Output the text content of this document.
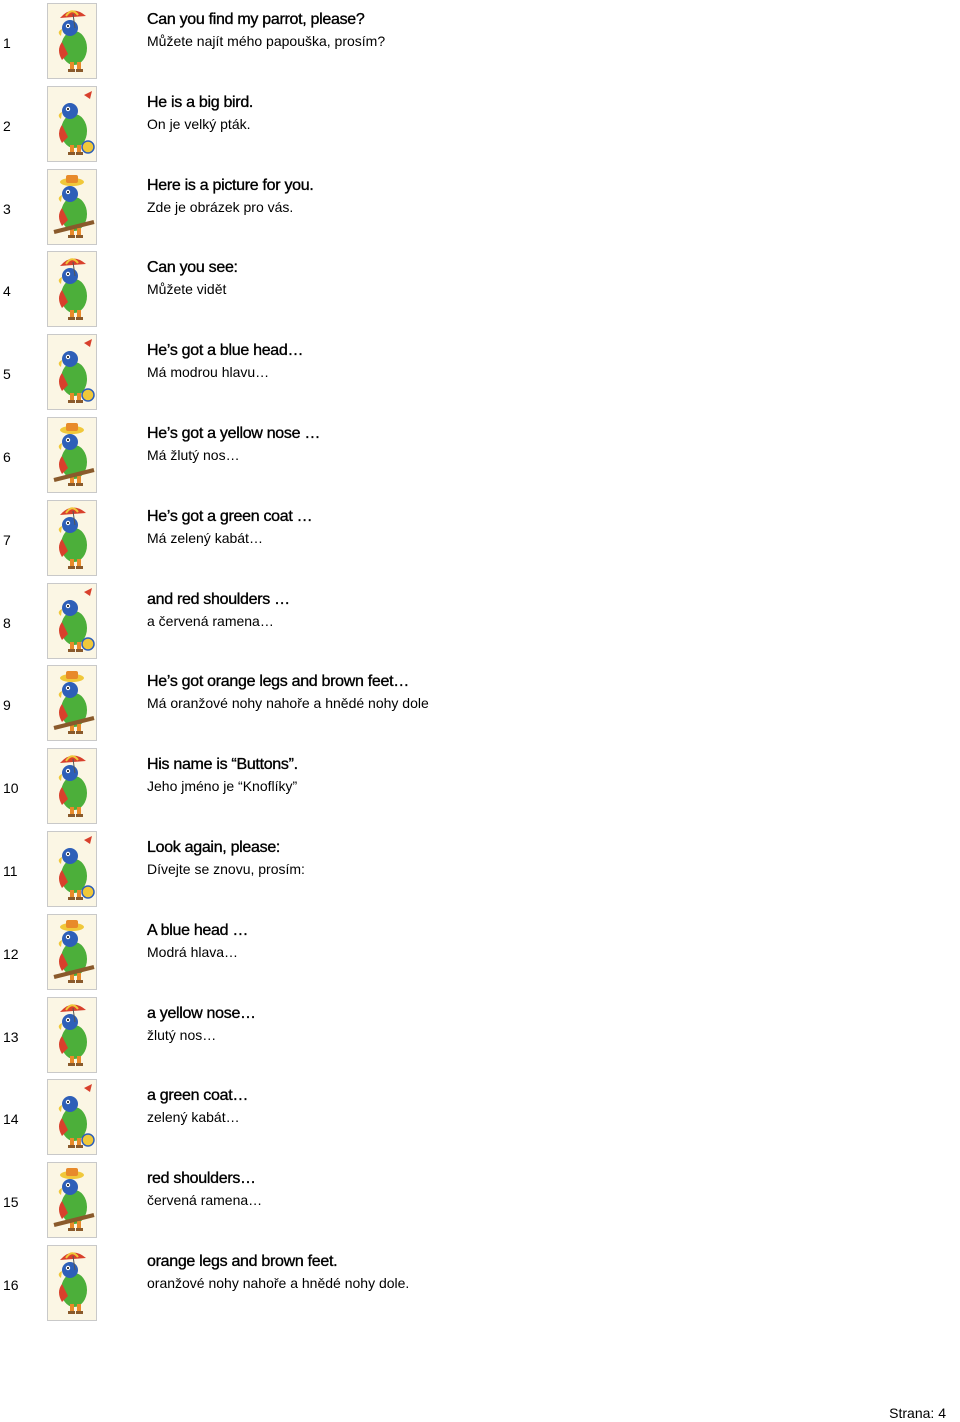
1
Can you find my parrot, please?
Můžete najít mého papouška, prosím?
2
He is a big bird.
On je velký pták.
3
Here is a picture for you.
Zde je obrázek pro vás.
4
Can you see:
Můžete vidět
5
He’s got a blue head…
Má modrou hlavu…
6
He’s got a yellow nose …
Má žlutý nos…
7
He’s got a green coat …
Má zelený kabát…
8
and red shoulders …
a červená ramena…
9
He’s got orange legs and brown feet…
Má oranžové nohy nahoře a hnědé nohy dole
10
His name is “Buttons”.
Jeho jméno je “Knoflíky”
11
Look again, please:
Dívejte se znovu, prosím:
12
A blue head …
Modrá hlava…
13
a yellow nose…
žlutý nos…
14
a green coat…
zelený kabát…
15
red shoulders…
červená ramena…
16
orange legs and brown feet.
oranžové nohy nahoře a hnědé nohy dole.
Strana: 4
